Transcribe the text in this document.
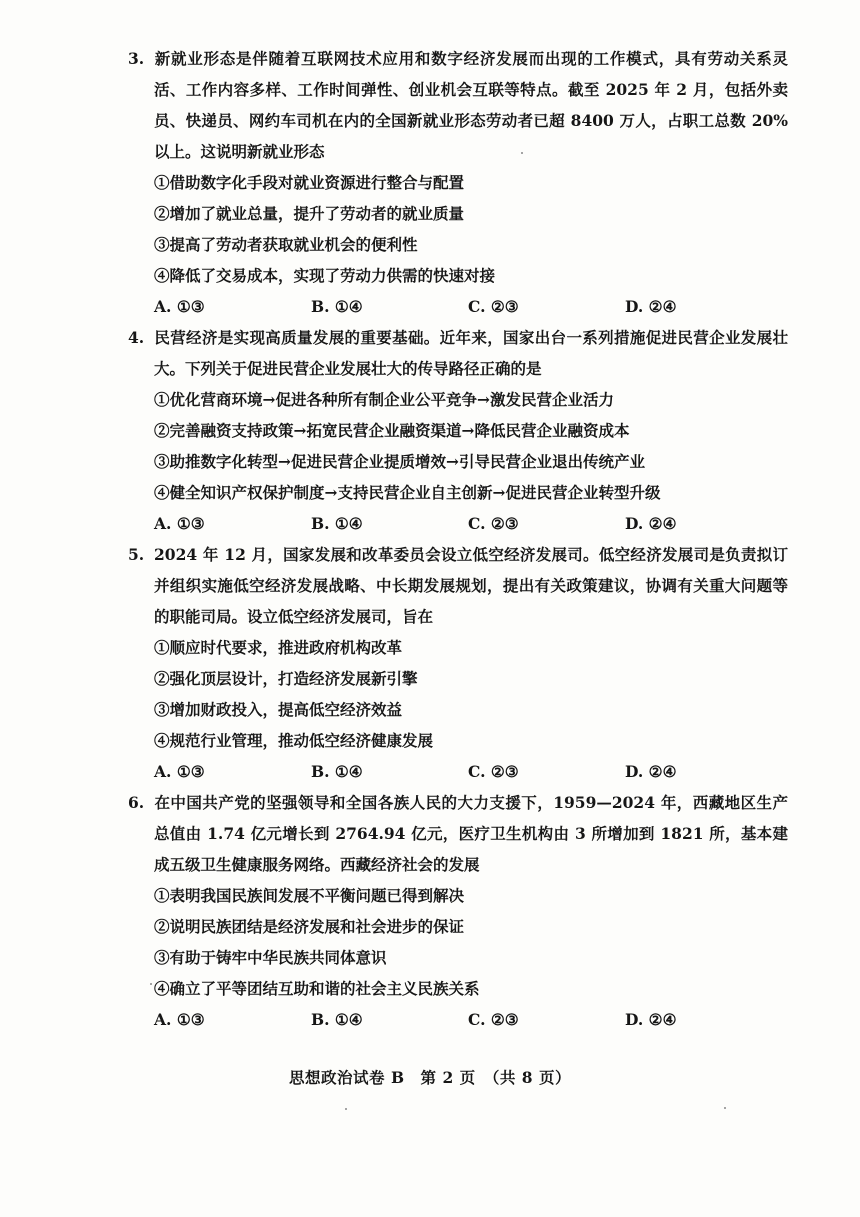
3. 新就业形态是伴随着互联网技术应用和数字经济发展而出现的工作模式，具有劳动关系灵活、工作内容多样、工作时间弹性、创业机会互联等特点。截至 2025 年 2 月，包括外卖员、快递员、网约车司机在内的全国新就业形态劳动者已超 8400 万人，占职工总数 20% 以上。这说明新就业形态
①借助数字化手段对就业资源进行整合与配置
②增加了就业总量，提升了劳动者的就业质量
③提高了劳动者获取就业机会的便利性
④降低了交易成本，实现了劳动力供需的快速对接
A. ①③	B. ①④	C. ②③	D. ②④
4. 民营经济是实现高质量发展的重要基础。近年来，国家出台一系列措施促进民营企业发展壮大。下列关于促进民营企业发展壮大的传导路径正确的是
①优化营商环境→促进各种所有制企业公平竞争→激发民营企业活力
②完善融资支持政策→拓宽民营企业融资渠道→降低民营企业融资成本
③助推数字化转型→促进民营企业提质增效→引导民营企业退出传统产业
④健全知识产权保护制度→支持民营企业自主创新→促进民营企业转型升级
A. ①③	B. ①④	C. ②③	D. ②④
5. 2024 年 12 月，国家发展和改革委员会设立低空经济发展司。低空经济发展司是负责拟订并组织实施低空经济发展战略、中长期发展规划，提出有关政策建议，协调有关重大问题等的职能司局。设立低空经济发展司，旨在
①顺应时代要求，推进政府机构改革
②强化顶层设计，打造经济发展新引擎
③增加财政投入，提高低空经济效益
④规范行业管理，推动低空经济健康发展
A. ①③	B. ①④	C. ②③	D. ②④
6. 在中国共产党的坚强领导和全国各族人民的大力支援下，1959—2024 年，西藏地区生产总值由 1.74 亿元增长到 2764.94 亿元，医疗卫生机构由 3 所增加到 1821 所，基本建成五级卫生健康服务网络。西藏经济社会的发展
①表明我国民族间发展不平衡问题已得到解决
②说明民族团结是经济发展和社会进步的保证
③有助于铸牢中华民族共同体意识
④确立了平等团结互助和谐的社会主义民族关系
A. ①③	B. ①④	C. ②③	D. ②④
思想政治试卷 B　第 2 页　（共 8 页）
